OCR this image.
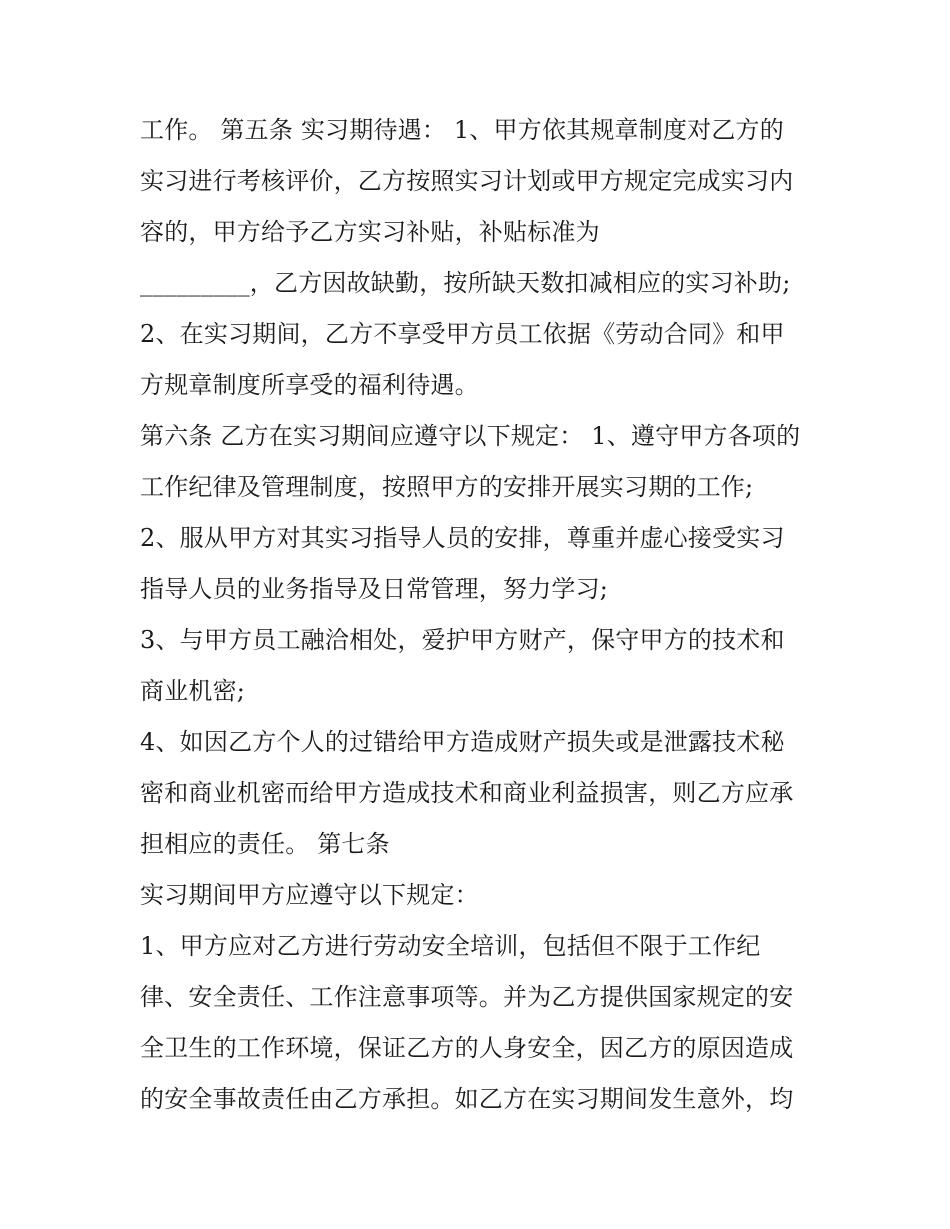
工作。 第五条 实习期待遇： 1、甲方依其规章制度对乙方的
实习进行考核评价，乙方按照实习计划或甲方规定完成实习内
容的，甲方给予乙方实习补贴，补贴标准为
_________，乙方因故缺勤，按所缺天数扣减相应的实习补助;
2、在实习期间，乙方不享受甲方员工依据《劳动合同》和甲
方规章制度所享受的福利待遇。
第六条 乙方在实习期间应遵守以下规定： 1、遵守甲方各项的
工作纪律及管理制度，按照甲方的安排开展实习期的工作;
2、服从甲方对其实习指导人员的安排，尊重并虚心接受实习
指导人员的业务指导及日常管理，努力学习;
3、与甲方员工融洽相处，爱护甲方财产，保守甲方的技术和
商业机密;
4、如因乙方个人的过错给甲方造成财产损失或是泄露技术秘
密和商业机密而给甲方造成技术和商业利益损害，则乙方应承
担相应的责任。 第七条
实习期间甲方应遵守以下规定：
1、甲方应对乙方进行劳动安全培训，包括但不限于工作纪
律、安全责任、工作注意事项等。并为乙方提供国家规定的安
全卫生的工作环境，保证乙方的人身安全，因乙方的原因造成
的安全事故责任由乙方承担。如乙方在实习期间发生意外，均
